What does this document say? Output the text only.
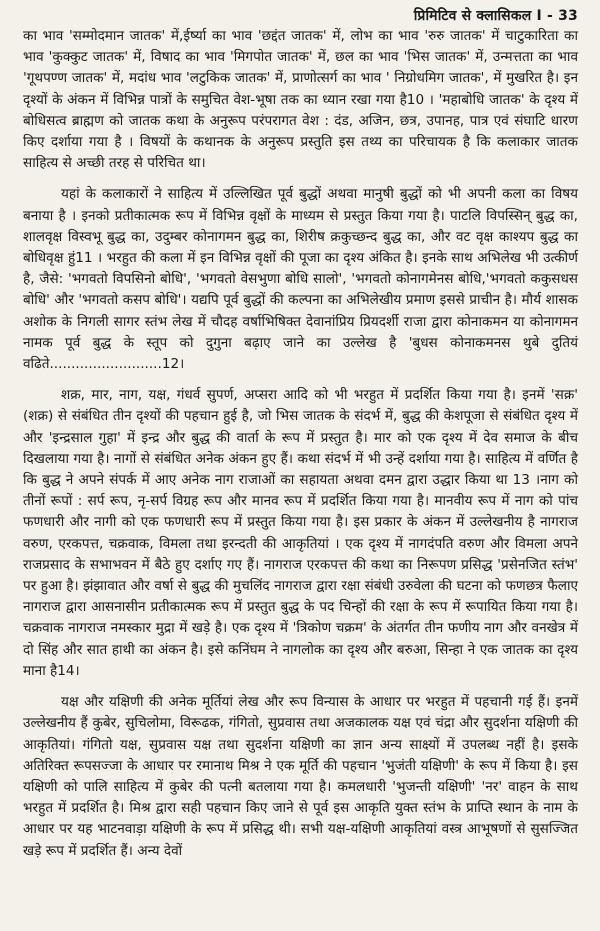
प्रिमिटिव से क्लासिकल I - 33

का भाव 'सम्मोदमान जातक' में,ईर्ष्या का भाव 'छद्दंत जातक' में, लोभ का भाव 'रुरु जातक' में चाटुकारिता का भाव 'कुक्कुट जातक' में, विषाद का भाव 'मिगपोत जातक' में, छल का भाव 'भिस जातक' में, उन्मत्तता का भाव 'गूथपण्ण जातक' में, मदांध भाव 'लटुकिक जातक' में, प्राणोत्सर्ग का भाव ' निग्रोधमिग जातक', में मुखरित है। इन दृश्यों के अंकन में विभिन्न पात्रों के समुचित वेश-भूषा तक का ध्यान रखा गया है10 । 'महाबोधि जातक' के दृश्य में बोधिसत्व ब्राह्मण को जातक कथा के अनुरूप परंपरागत वेश : दंड, अजिन, छत्र, उपानह, पात्र एवं संघाटि धारण किए दर्शाया गया है । विषयों के कथानक के अनुरूप प्रस्तुति इस तथ्य का परिचायक है कि कलाकार जातक साहित्य से अच्छी तरह से परिचित था।

यहां के कलाकारों ने साहित्य में उल्लिखित पूर्व बुद्धों अथवा मानुषी बुद्धों को भी अपनी कला का विषय बनाया है । इनको प्रतीकात्मक रूप में विभिन्न वृक्षों के माध्यम से प्रस्तुत किया गया है। पाटलि विपस्सिन् बुद्ध का, शालवृक्ष विस्वभू बुद्ध का, उदुम्बर कोनागमन बुद्ध का, शिरीष क्रकुच्छन्द बुद्ध का, और वट वृक्ष काश्यप बुद्ध का बोधिवृक्ष हुं11 । भरहुत की कला में इन विभिन्न वृक्षों की पूजा का दृश्य अंकित है। इनके साथ अभिलेख भी उत्कीर्ण है, जैसे: 'भगवतो विपसिनो बोधि', 'भगवतो वेसभुणा बोधि सालो', 'भगवतो कोनागमेनस बोधि,'भगवतो ककुसधस बोधि' और 'भगवतो कसप बोधि'। यद्यपि पूर्व बुद्धों की कल्पना का अभिलेखीय प्रमाण इससे प्राचीन है। मौर्य शासक अशोक के निगली सागर स्तंभ लेख में चौदह वर्षाभिषिक्त देवानांप्रिय प्रियदर्शी राजा द्वारा कोनाकमन या कोनागमन नामक पूर्व बुद्ध के स्तूप को दुगुना बढ़ाए जाने का उल्लेख है 'बुधस कोनाकमनस थुबे दुतियं वढिते..........................12।

शक्र, मार, नाग, यक्ष, गंधर्व सुपर्ण, अप्सरा आदि को भी भरहुत में प्रदर्शित किया गया है। इनमें 'सक्र' (शक्र) से संबंधित तीन दृश्यों की पहचान हुई है, जो भिस जातक के संदर्भ में, बुद्ध की केशपूजा से संबंधित दृश्य में और 'इन्द्रसाल गुहा' में इन्द्र और बुद्ध की वार्ता के रूप में प्रस्तुत है। मार को एक दृश्य में देव समाज के बीच दिखलाया गया है। नागों से संबंधित अनेक अंकन हुए हैं। कथा संदर्भ में भी उन्हें दर्शाया गया है। साहित्य में वर्णित है कि बुद्ध ने अपने संपर्क में आए अनेक नाग राजाओं का सहायता अथवा दमन द्वारा उद्धार किया था 13 ।नाग को तीनों रूपों : सर्प रूप, नृ-सर्प विग्रह रूप और मानव रूप में प्रदर्शित किया गया है। मानवीय रूप में नाग को पांच फणधारी और नागी को एक फणधारी रूप में प्रस्तुत किया गया है। इस प्रकार के अंकन में उल्लेखनीय है नागराज वरुण, एरकपत्त, चक्रवाक, विमला तथा इरन्दती की आकृतियां । एक दृश्य में नागदंपति वरुण और विमला अपने राजप्रसाद के सभाभवन में बैठे हुए दर्शाए गए हैं। नागराज एरकपत्त की कथा का निरूपण प्रसिद्ध 'प्रसेनजित स्तंभ' पर हुआ है। झंझावात और वर्षा से बुद्ध की मुचलिंद नागराज द्वारा रक्षा संबंधी उरुवेला की घटना को फणछत्र फैलाए नागराज द्वारा आसनासीन प्रतीकात्मक रूप में प्रस्तुत बुद्ध के पद चिन्हों की रक्षा के रूप में रूपायित किया गया है। चक्रवाक नागराज नमस्कार मुद्रा में खड़े है। एक दृश्य में 'त्रिकोण चक्रम' के अंतर्गत तीन फणीय नाग और वनखेत्र में दो सिंह और सात हाथी का अंकन है। इसे कनिंघम ने नागलोक का दृश्य और बरुआ, सिन्हा ने एक जातक का दृश्य माना है14।

यक्ष और यक्षिणी की अनेक मूर्तियां लेख और रूप विन्यास के आधार पर भरहुत में पहचानी गई हैं। इनमें उल्लेखनीय हैं कुबेर, सुचिलोमा, विरूढक, गंगितो, सुप्रवास तथा अजकालक यक्ष एवं चंद्रा और सुदर्शना यक्षिणी की आकृतियां। गंगितो यक्ष, सुप्रवास यक्ष तथा सुदर्शना यक्षिणी का ज्ञान अन्य साक्ष्यों में उपलब्ध नहीं है। इसके अतिरिक्त रूपसज्जा के आधार पर रमानाथ मिश्र ने एक मूर्ति की पहचान 'भुजंती यक्षिणी' के रूप में किया है। इस यक्षिणी को पालि साहित्य में कुबेर की पत्नी बतलाया गया है। कमलधारी 'भुजन्ती यक्षिणी' 'नर' वाहन के साथ भरहुत में प्रदर्शित है। मिश्र द्वारा सही पहचान किए जाने से पूर्व इस आकृति युक्त स्तंभ के प्राप्ति स्थान के नाम के आधार पर यह भाटनवाड़ा यक्षिणी के रूप में प्रसिद्ध थी। सभी यक्ष-यक्षिणी आकृतियां वस्त्र आभूषणों से सुसज्जित खड़े रूप में प्रदर्शित हैं। अन्य देवों
